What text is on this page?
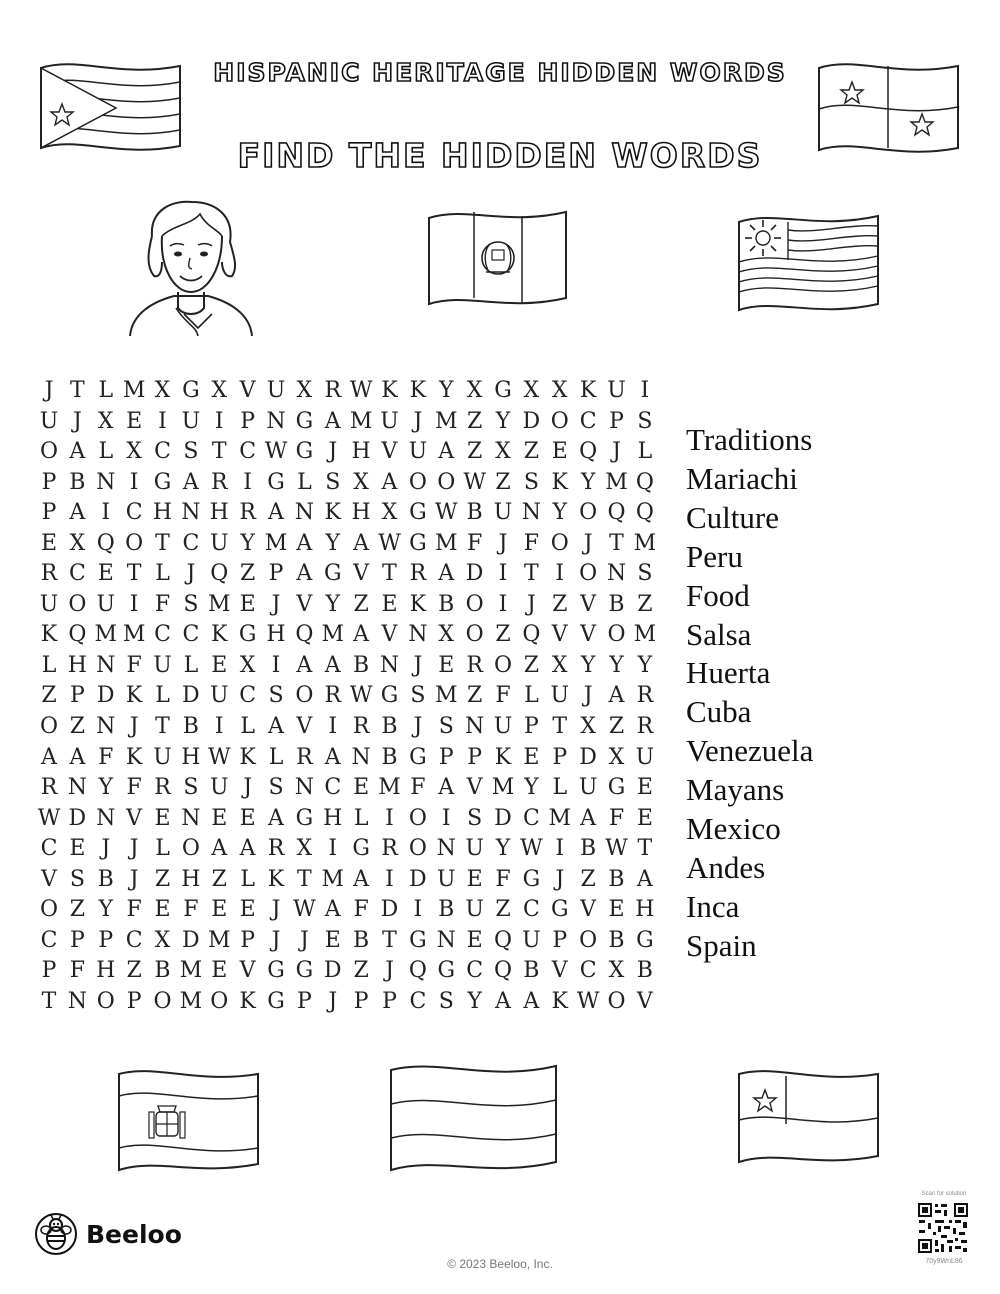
HISPANIC HERITAGE HIDDEN WORDS
FIND THE HIDDEN WORDS
J T L M X G X V U X R W K K Y X G X X K U I
U J X E I U I P N G A M U J M Z Y D O C P S
O A L X C S T C W G J H V U A Z X Z E Q J L
P B N I G A R I G L S X A O O W Z S K Y M Q
P A I C H N H R A N K H X G W B U N Y O Q Q
E X Q O T C U Y M A Y A W G M F J F O J T M
R C E T L J Q Z P A G V T R A D I T I O N S
U O U I F S M E J V Y Z E K B O I J Z V B Z
K Q M M C C K G H Q M A V N X O Z Q V V O M
L H N F U L E X I A A B N J E R O Z X Y Y Y
Z P D K L D U C S O R W G S M Z F L U J A R
O Z N J T B I L A V I R B J S N U P T X Z R
A A F K U H W K L R A N B G P P K E P D X U
R N Y F R S U J S N C E M F A V M Y L U G E
W D N V E N E E A G H L I O I S D C M A F E
C E J J L O A A R X I G R O N U Y W I B W T
V S B J Z H Z L K T M A I D U E F G J Z B A
O Z Y F E F E E J W A F D I B U Z C G V E H
C P P C X D M P J J E B T G N E Q U P O B G
P F H Z B M E V G G D Z J Q G C Q B V C X B
T N O P O M O K G P J P P C S Y A A K W O V
Traditions
Mariachi
Culture
Peru
Food
Salsa
Huerta
Cuba
Venezuela
Mayans
Mexico
Andes
Inca
Spain
Beeloo
© 2023 Beeloo, Inc.
Scan for solution
70y9WnL86
